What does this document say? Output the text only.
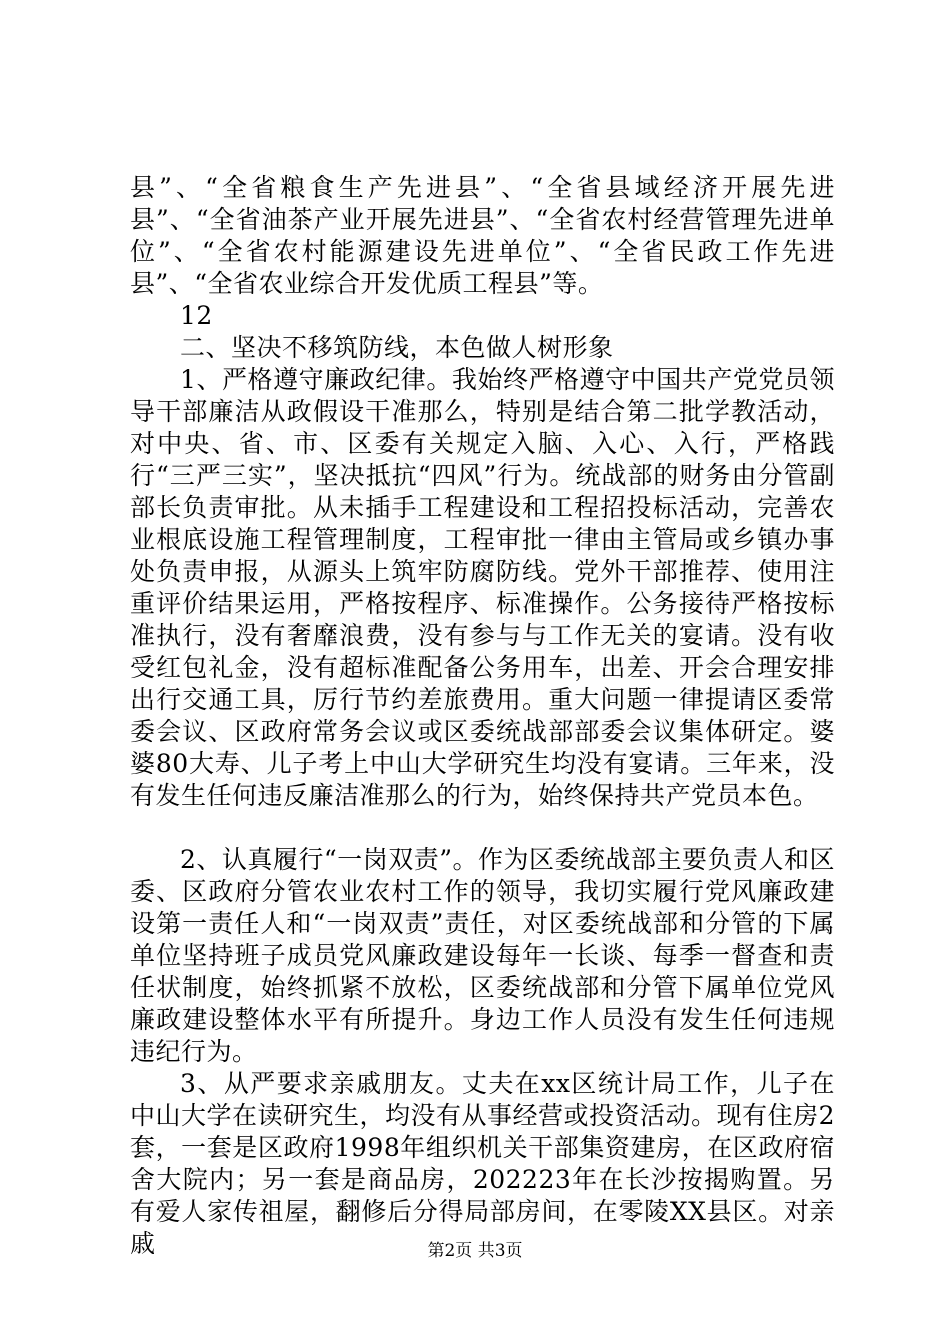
县”、“全省粮食生产先进县”、“全省县域经济开展先进县”、“全省油茶产业开展先进县”、“全省农村经营管理先进单位”、“全省农村能源建设先进单位”、“全省民政工作先进县”、“全省农业综合开发优质工程县”等。

12

二、坚决不移筑防线，本色做人树形象

1、严格遵守廉政纪律。我始终严格遵守中国共产党党员领导干部廉洁从政假设干准那么，特别是结合第二批学教活动，对中央、省、市、区委有关规定入脑、入心、入行，严格践行“三严三实”，坚决抵抗“四风”行为。统战部的财务由分管副部长负责审批。从未插手工程建设和工程招投标活动，完善农业根底设施工程管理制度，工程审批一律由主管局或乡镇办事处负责申报，从源头上筑牢防腐防线。党外干部推荐、使用注重评价结果运用，严格按程序、标准操作。公务接待严格按标准执行，没有奢靡浪费，没有参与与工作无关的宴请。没有收受红包礼金，没有超标准配备公务用车，出差、开会合理安排出行交通工具，厉行节约差旅费用。重大问题一律提请区委常委会议、区政府常务会议或区委统战部部委会议集体研定。婆婆80大寿、儿子考上中山大学研究生均没有宴请。三年来，没有发生任何违反廉洁准那么的行为，始终保持共产党员本色。

2、认真履行“一岗双责”。作为区委统战部主要负责人和区委、区政府分管农业农村工作的领导，我切实履行党风廉政建设第一责任人和“一岗双责”责任，对区委统战部和分管的下属单位坚持班子成员党风廉政建设每年一长谈、每季一督查和责任状制度，始终抓紧不放松，区委统战部和分管下属单位党风廉政建设整体水平有所提升。身边工作人员没有发生任何违规违纪行为。

3、从严要求亲戚朋友。丈夫在xx区统计局工作，儿子在中山大学在读研究生，均没有从事经营或投资活动。现有住房2套，一套是区政府1998年组织机关干部集资建房，在区政府宿舍大院内；另一套是商品房，202223年在长沙按揭购置。另有爱人家传祖屋，翻修后分得局部房间，在零陵XX县区。对亲戚	第2页 共3页
